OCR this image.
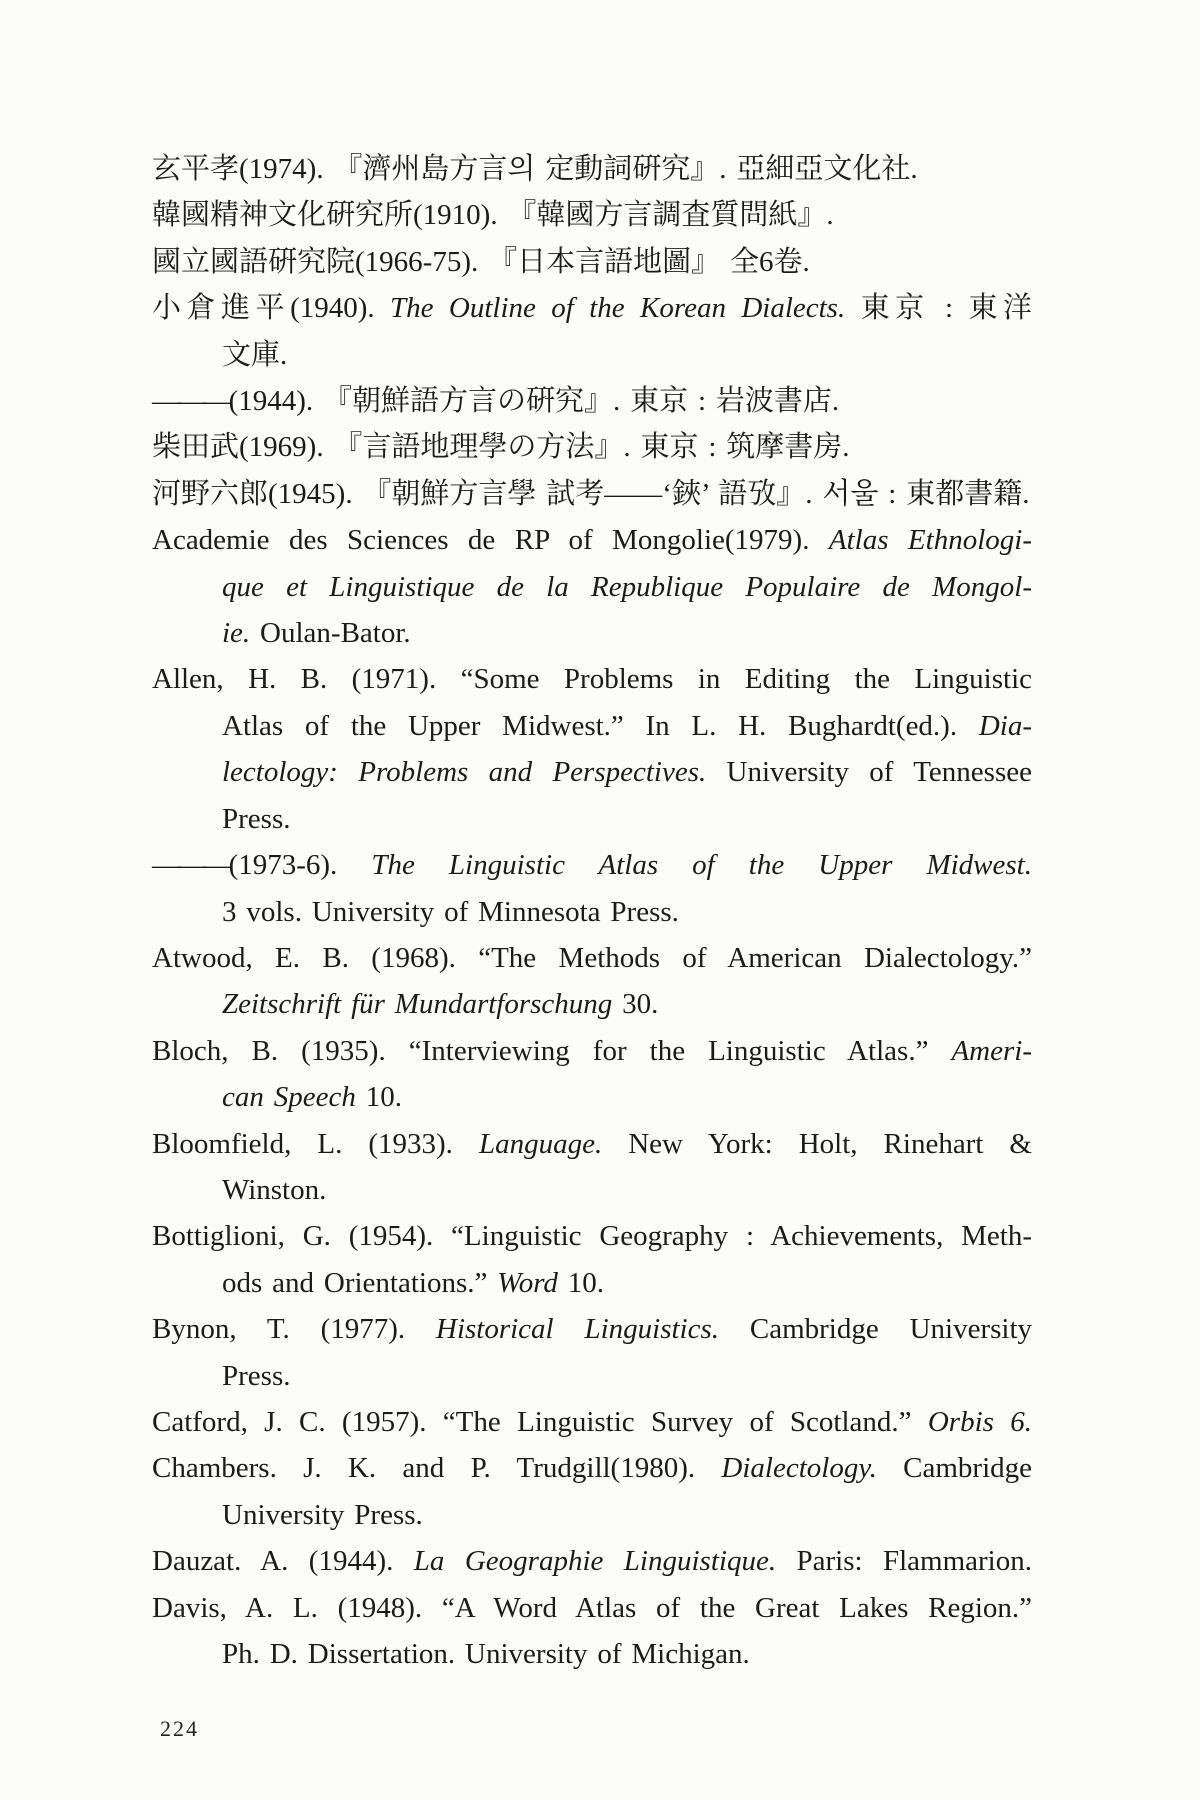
玄平孝(1974). 『濟州島方言의 定動詞硏究』. 亞細亞文化社.
韓國精神文化硏究所(1910). 『韓國方言調査質問紙』.
國立國語硏究院(1966-75). 『日本言語地圖』 全6卷.
小倉進平(1940). The Outline of the Korean Dialects. 東京 : 東洋
文庫.
———(1944). 『朝鮮語方言の硏究』. 東京 : 岩波書店.
柴田武(1969). 『言語地理學の方法』. 東京 : 筑摩書房.
河野六郎(1945). 『朝鮮方言學 試考——‘鋏’ 語攷』. 서울 : 東都書籍.
Academie des Sciences de RP of Mongolie(1979). Atlas Ethnologi-
que et Linguistique de la Republique Populaire de Mongol-
ie. Oulan-Bator.
Allen, H. B. (1971). “Some Problems in Editing the Linguistic
Atlas of the Upper Midwest.” In L. H. Bughardt(ed.). Dia-
lectology: Problems and Perspectives. University of Tennessee
Press.
———(1973-6). The Linguistic Atlas of the Upper Midwest.
3 vols. University of Minnesota Press.
Atwood, E. B. (1968). “The Methods of American Dialectology.”
Zeitschrift für Mundartforschung 30.
Bloch, B. (1935). “Interviewing for the Linguistic Atlas.” Ameri-
can Speech 10.
Bloomfield, L. (1933). Language. New York: Holt, Rinehart &
Winston.
Bottiglioni, G. (1954). “Linguistic Geography : Achievements, Meth-
ods and Orientations.” Word 10.
Bynon, T. (1977). Historical Linguistics. Cambridge University
Press.
Catford, J. C. (1957). “The Linguistic Survey of Scotland.” Orbis 6.
Chambers. J. K. and P. Trudgill(1980). Dialectology. Cambridge
University Press.
Dauzat. A. (1944). La Geographie Linguistique. Paris: Flammarion.
Davis, A. L. (1948). “A Word Atlas of the Great Lakes Region.”
Ph. D. Dissertation. University of Michigan.
224
